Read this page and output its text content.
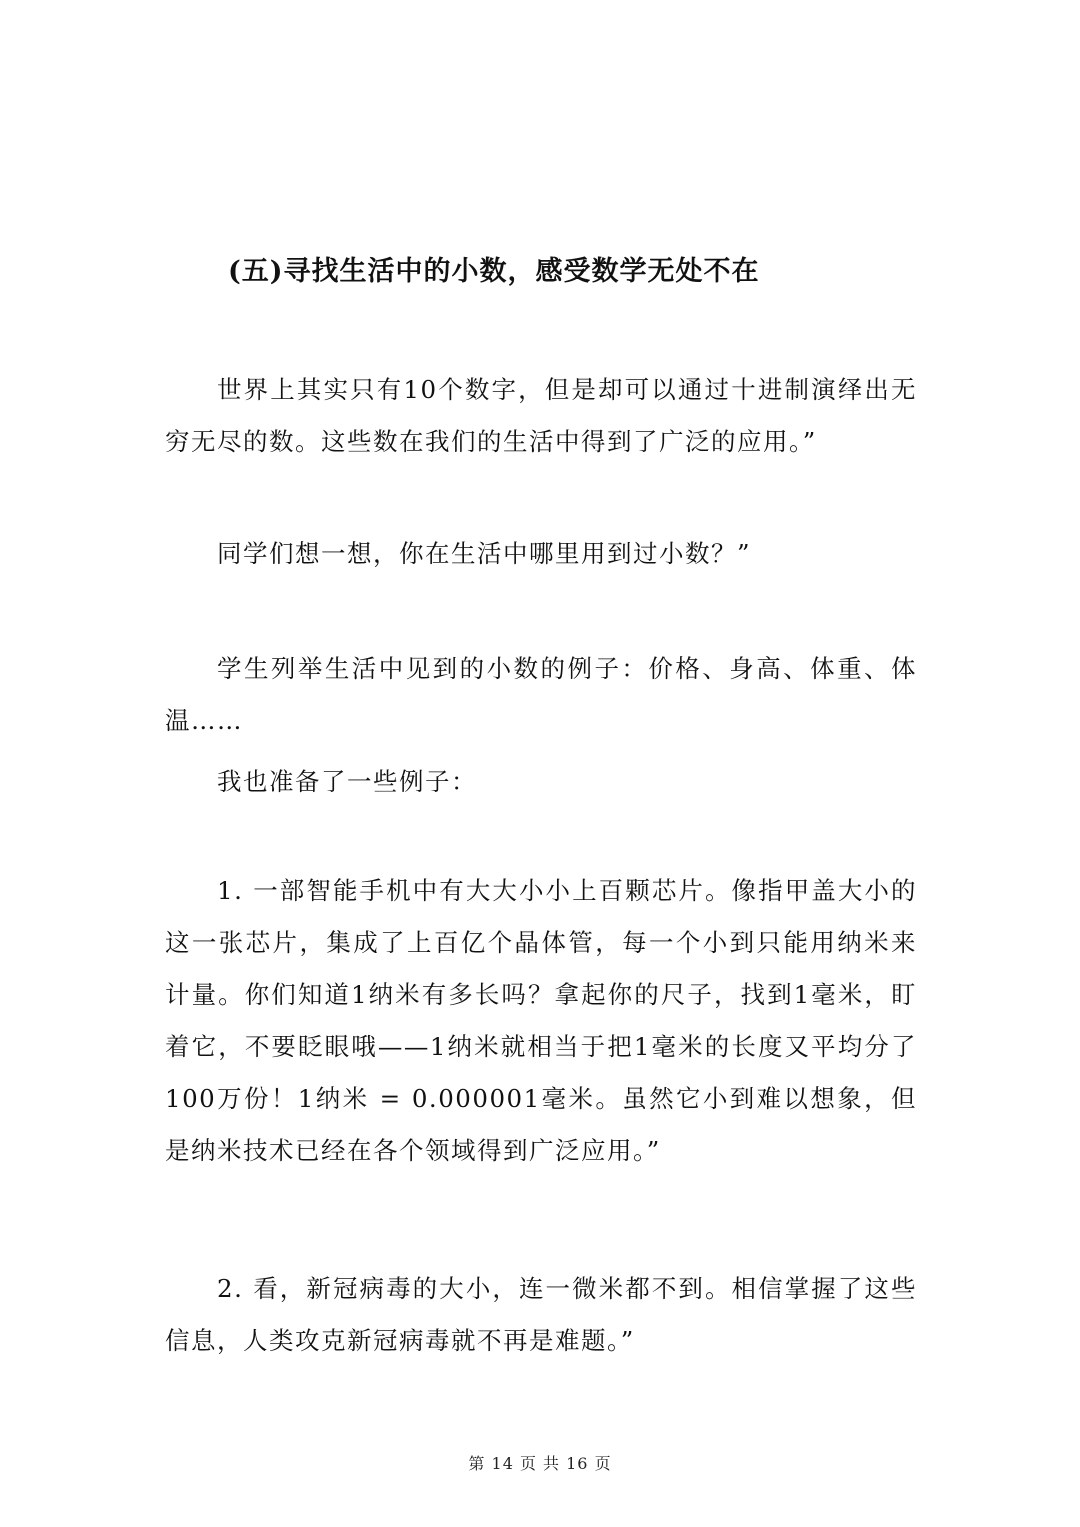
(五)寻找生活中的小数，感受数学无处不在
世界上其实只有10个数字，但是却可以通过十进制演绎出无穷无尽的数。这些数在我们的生活中得到了广泛的应用。”
同学们想一想，你在生活中哪里用到过小数？”
学生列举生活中见到的小数的例子：价格、身高、体重、体温……
我也准备了一些例子：
1. 一部智能手机中有大大小小上百颗芯片。像指甲盖大小的这一张芯片，集成了上百亿个晶体管，每一个小到只能用纳米来计量。你们知道1纳米有多长吗？拿起你的尺子，找到1毫米，盯着它，不要眨眼哦——1纳米就相当于把1毫米的长度又平均分了100万份！1纳米 = 0.000001毫米。虽然它小到难以想象，但是纳米技术已经在各个领域得到广泛应用。”
2. 看，新冠病毒的大小，连一微米都不到。相信掌握了这些信息，人类攻克新冠病毒就不再是难题。”
第 14 页 共 16 页
